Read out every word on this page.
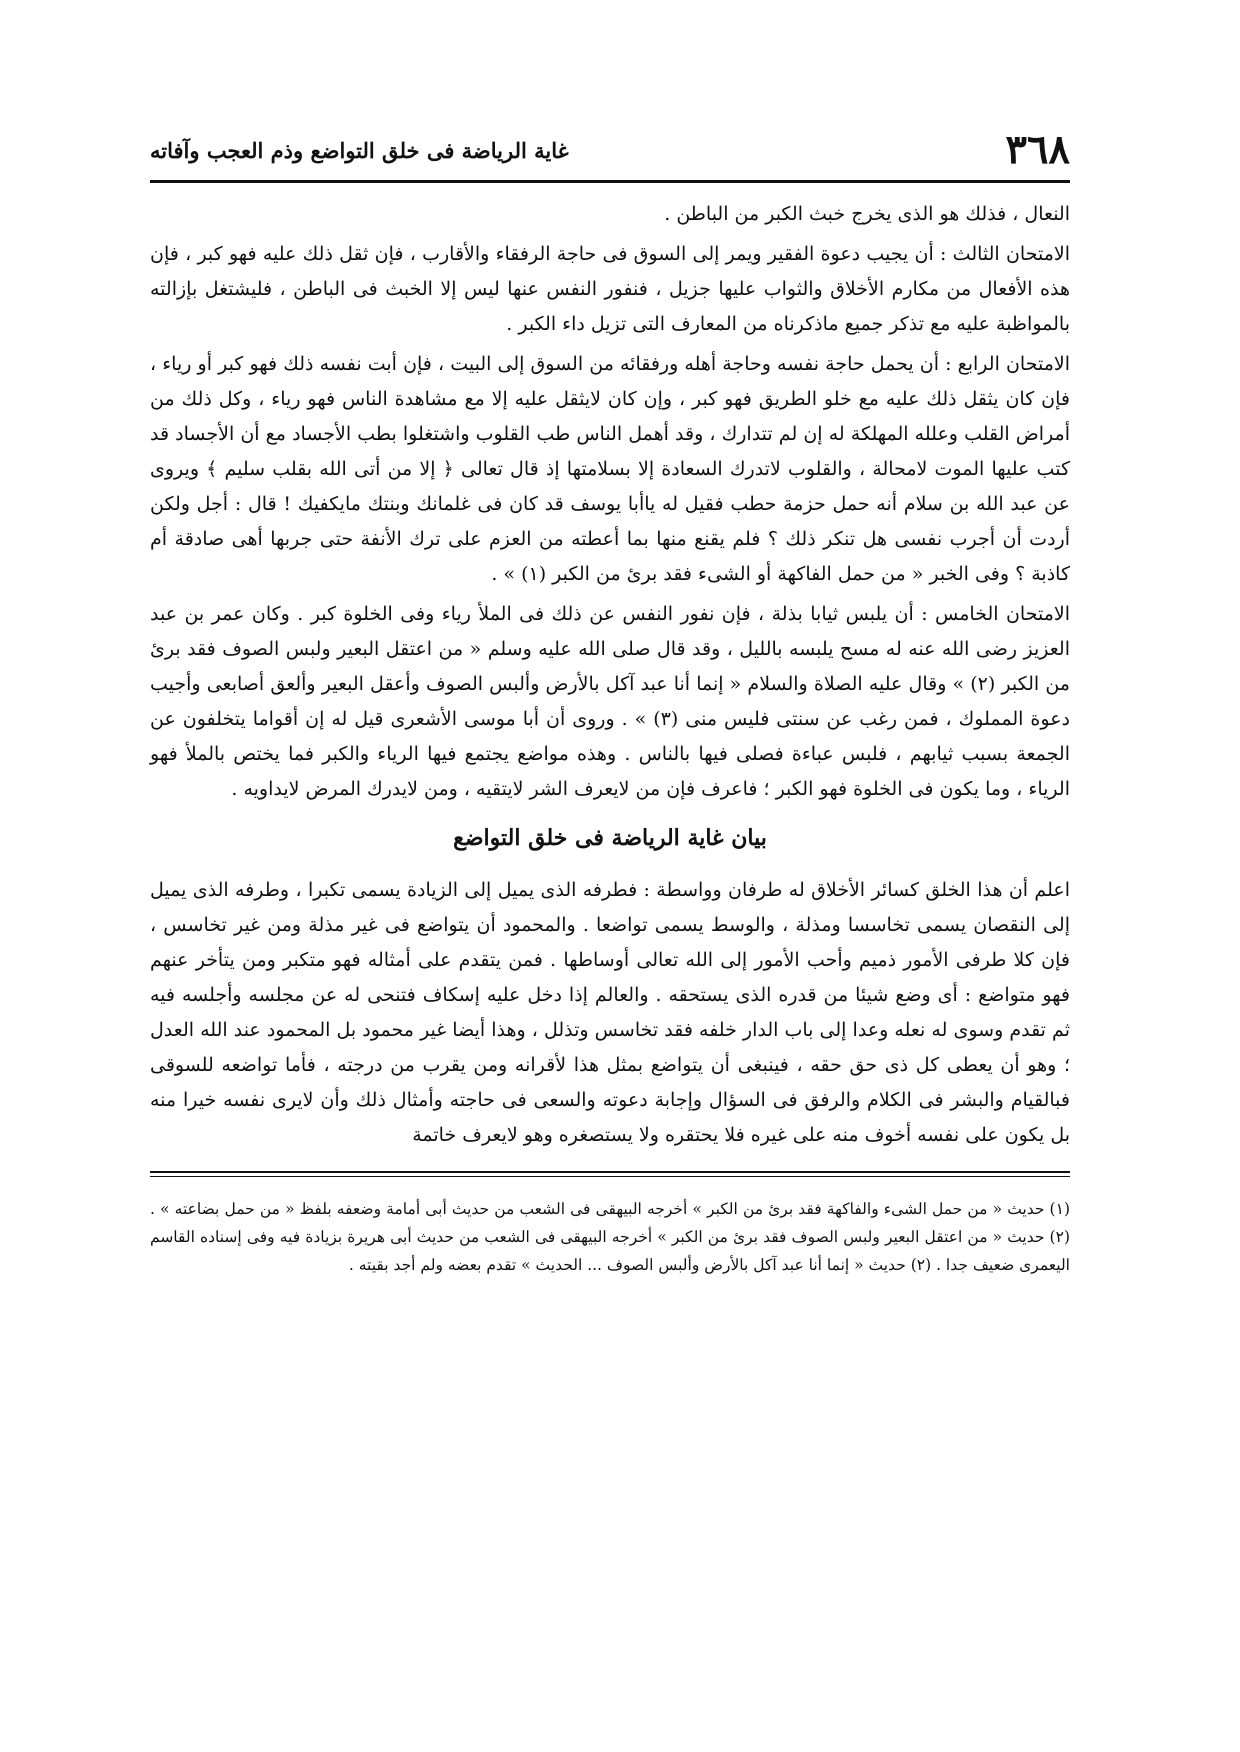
٣٦٨
غاية الرياضة فى خلق التواضع وذم العجب وآفاته

النعال ، فذلك هو الذى يخرج خبث الكبر من الباطن .

الامتحان الثالث : أن يجيب دعوة الفقير ويمر إلى السوق فى حاجة الرفقاء والأقارب ، فإن ثقل ذلك عليه فهو كبر ، فإن هذه الأفعال من مكارم الأخلاق والثواب عليها جزيل ، فنفور النفس عنها ليس إلا الخبث فى الباطن ، فليشتغل بإزالته بالمواظبة عليه مع تذكر جميع ماذكرناه من المعارف التى تزيل داء الكبر .

الامتحان الرابع : أن يحمل حاجة نفسه وحاجة أهله ورفقائه من السوق إلى البيت ، فإن أبت نفسه ذلك فهو كبر أو رياء ، فإن كان يثقل ذلك عليه مع خلو الطريق فهو كبر ، وإن كان لايثقل عليه إلا مع مشاهدة الناس فهو رياء ، وكل ذلك من أمراض القلب وعلله المهلكة له إن لم تتدارك ، وقد أهمل الناس طب القلوب واشتغلوا بطب الأجساد مع أن الأجساد قد كتب عليها الموت لامحالة ، والقلوب لاتدرك السعادة إلا بسلامتها إذ قال تعالى ﴿ إلا من أتى الله بقلب سليم ﴾ ويروى عن عبد الله بن سلام أنه حمل حزمة حطب فقيل له ياأبا يوسف قد كان فى غلمانك وبنتك مايكفيك ! قال : أجل ولكن أردت أن أجرب نفسى هل تنكر ذلك ؟ فلم يقنع منها بما أعطته من العزم على ترك الأنفة حتى جربها أهى صادقة أم كاذبة ؟ وفى الخبر « من حمل الفاكهة أو الشىء فقد برئ من الكبر (١) » .

الامتحان الخامس : أن يلبس ثيابا بذلة ، فإن نفور النفس عن ذلك فى الملأ رياء وفى الخلوة كبر . وكان عمر بن عبد العزيز رضى الله عنه له مسح يلبسه بالليل ، وقد قال صلى الله عليه وسلم « من اعتقل البعير ولبس الصوف فقد برئ من الكبر (٢) » وقال عليه الصلاة والسلام « إنما أنا عبد آكل بالأرض وألبس الصوف وأعقل البعير وألعق أصابعى وأجيب دعوة المملوك ، فمن رغب عن سنتى فليس منى (٣) » . وروى أن أبا موسى الأشعرى قيل له إن أقواما يتخلفون عن الجمعة بسبب ثيابهم ، فلبس عباءة فصلى فيها بالناس . وهذه مواضع يجتمع فيها الرياء والكبر فما يختص بالملأ فهو الرياء ، وما يكون فى الخلوة فهو الكبر ؛ فاعرف فإن من لايعرف الشر لايتقيه ، ومن لايدرك المرض لايداويه .

بيان غاية الرياضة فى خلق التواضع

اعلم أن هذا الخلق كسائر الأخلاق له طرفان وواسطة : فطرفه الذى يميل إلى الزيادة يسمى تكبرا ، وطرفه الذى يميل إلى النقصان يسمى تخاسسا ومذلة ، والوسط يسمى تواضعا . والمحمود أن يتواضع فى غير مذلة ومن غير تخاسس ، فإن كلا طرفى الأمور ذميم وأحب الأمور إلى الله تعالى أوساطها . فمن يتقدم على أمثاله فهو متكبر ومن يتأخر عنهم فهو متواضع : أى وضع شيئا من قدره الذى يستحقه . والعالم إذا دخل عليه إسكاف فتنحى له عن مجلسه وأجلسه فيه ثم تقدم وسوى له نعله وعدا إلى باب الدار خلفه فقد تخاسس وتذلل ، وهذا أيضا غير محمود بل المحمود عند الله العدل ؛ وهو أن يعطى كل ذى حق حقه ، فينبغى أن يتواضع بمثل هذا لأقرانه ومن يقرب من درجته ، فأما تواضعه للسوقى فبالقيام والبشر فى الكلام والرفق فى السؤال وإجابة دعوته والسعى فى حاجته وأمثال ذلك وأن لايرى نفسه خيرا منه بل يكون على نفسه أخوف منه على غيره فلا يحتقره ولا يستصغره وهو لايعرف خاتمة

(١) حديث « من حمل الشىء والفاكهة فقد برئ من الكبر » أخرجه البيهقى فى الشعب من حديث أبى أمامة وضعفه بلفظ « من حمل بضاعته » . (٢) حديث « من اعتقل البعير ولبس الصوف فقد برئ من الكبر » أخرجه البيهقى فى الشعب من حديث أبى هريرة بزيادة فيه وفى إسناده القاسم اليعمرى ضعيف جدا . (٢) حديث « إنما أنا عبد آكل بالأرض وألبس الصوف ... الحديث » تقدم بعضه ولم أجد بقيته .
